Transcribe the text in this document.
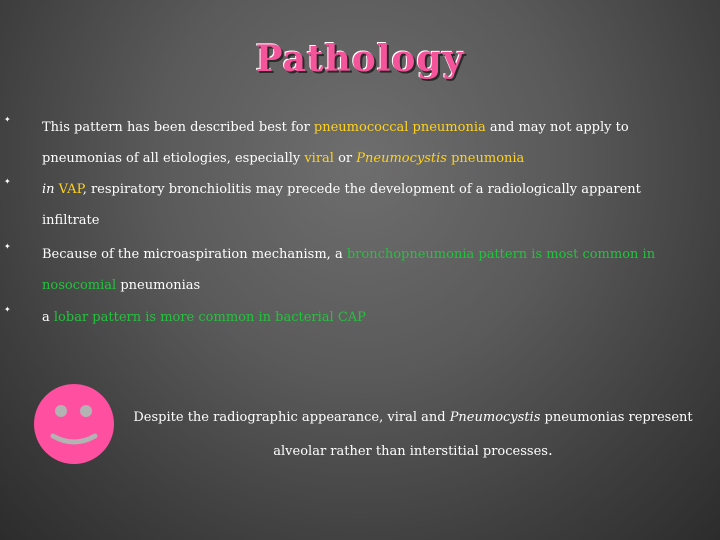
Pathology
✦
This pattern has been described best for pneumococcal pneumonia and may not apply to pneumonias of all etiologies, especially viral or Pneumocystis pneumonia
✦
in VAP, respiratory bronchiolitis may precede the development of a radiologically apparent infiltrate
✦
Because of the microaspiration mechanism, a bronchopneumonia pattern is most common in nosocomial pneumonias
✦
a lobar pattern is more common in bacterial CAP
Despite the radiographic appearance, viral and Pneumocystis pneumonias represent
alveolar rather than interstitial processes.
